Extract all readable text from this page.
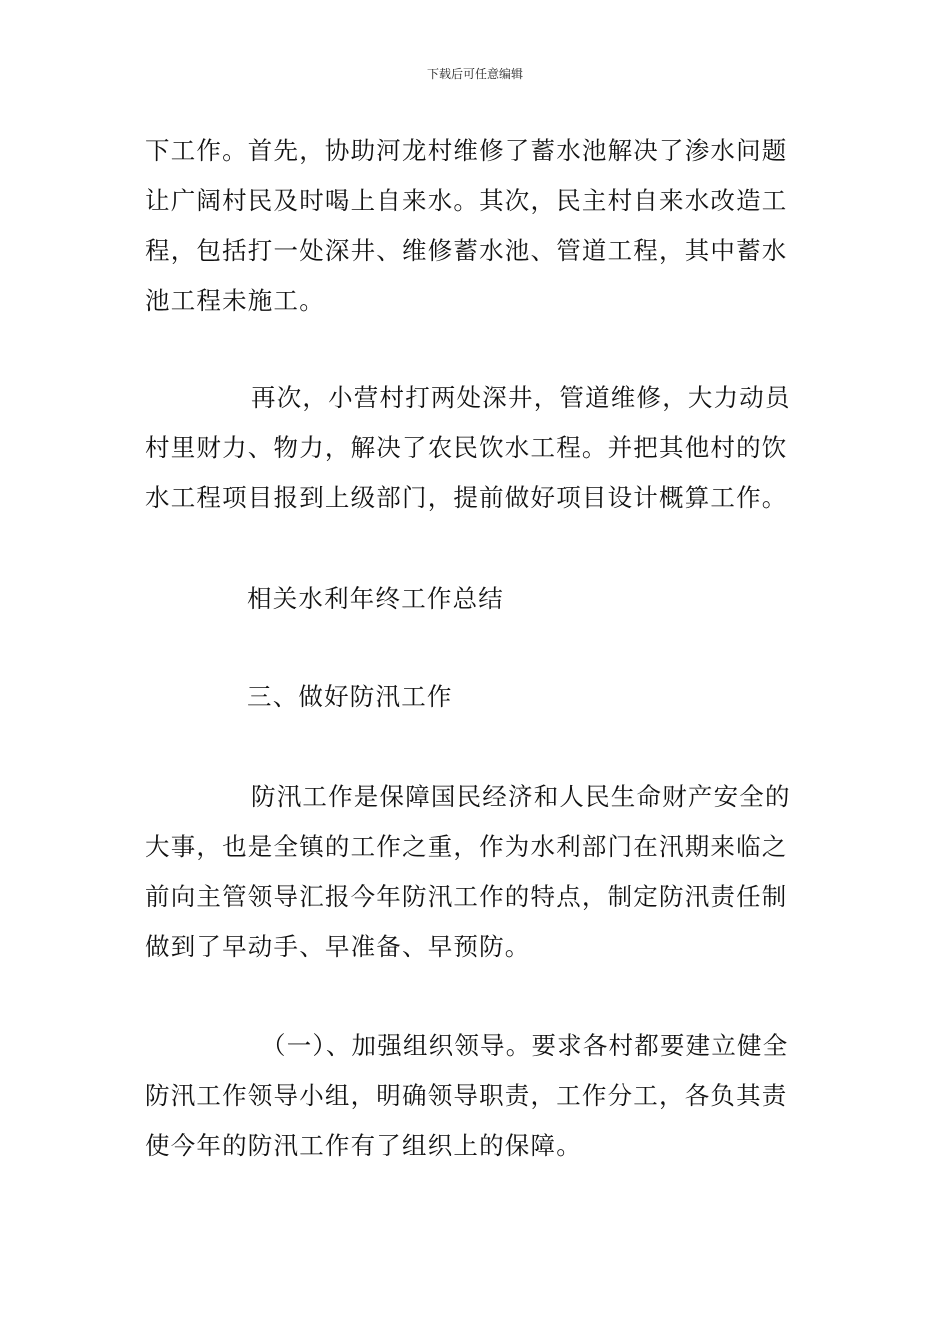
下载后可任意编辑
下工作。首先，协助河龙村维修了蓄水池解决了渗水问题
让广阔村民及时喝上自来水。其次，民主村自来水改造工
程，包括打一处深井、维修蓄水池、管道工程，其中蓄水
池工程未施工。
再次，小营村打两处深井，管道维修，大力动员
村里财力、物力，解决了农民饮水工程。并把其他村的饮
水工程项目报到上级部门，提前做好项目设计概算工作。
相关水利年终工作总结
三、做好防汛工作
防汛工作是保障国民经济和人民生命财产安全的
大事，也是全镇的工作之重，作为水利部门在汛期来临之
前向主管领导汇报今年防汛工作的特点，制定防汛责任制
做到了早动手、早准备、早预防。
（一）、加强组织领导。要求各村都要建立健全
防汛工作领导小组，明确领导职责，工作分工，各负其责
使今年的防汛工作有了组织上的保障。
